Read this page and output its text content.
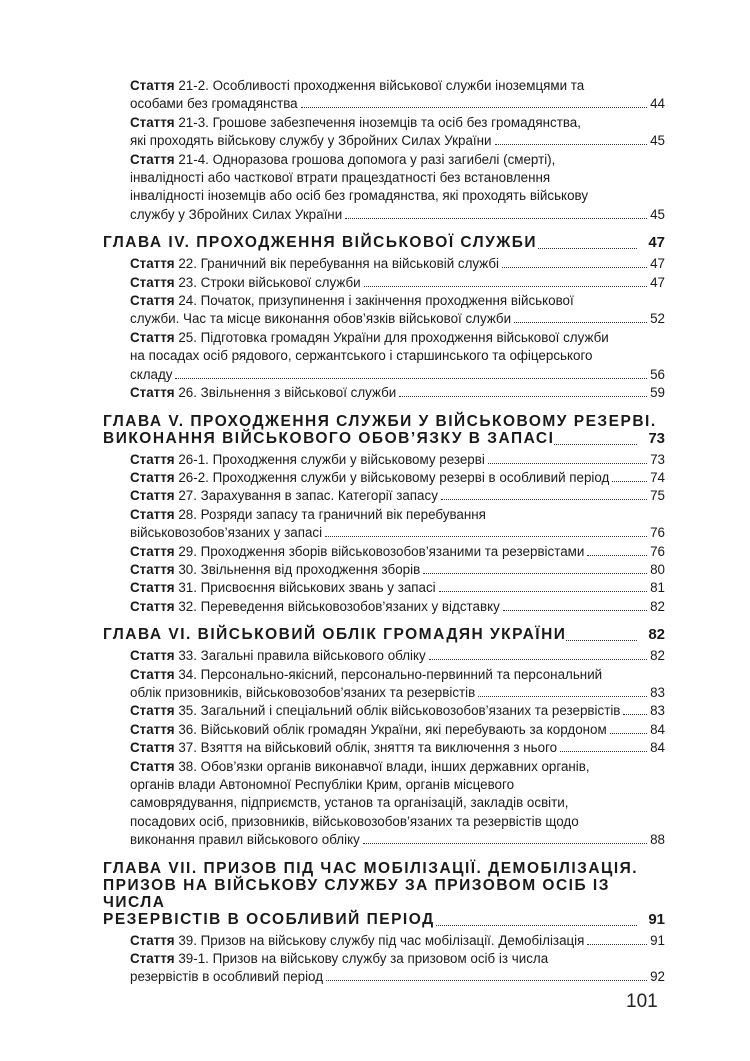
Стаття 21-2. Особливості проходження військової служби іноземцями та
особами без громадянства	44
Стаття 21-3. Грошове забезпечення іноземців та осіб без громадянства,
які проходять військову службу у Збройних Силах України	45
Стаття 21-4. Одноразова грошова допомога у разі загибелі (смерті),
інвалідності або часткової втрати працездатності без встановлення
інвалідності іноземців або осіб без громадянства, які проходять військову
службу у Збройних Силах України	45
ГЛАВА IV. ПРОХОДЖЕННЯ ВІЙСЬКОВОЇ СЛУЖБИ	47
Стаття 22. Граничний вік перебування на військовій службі	47
Стаття 23. Строки військової служби	47
Стаття 24. Початок, призупинення і закінчення проходження військової
служби. Час та місце виконання обов’язків військової служби	52
Стаття 25. Підготовка громадян України для проходження військової служби
на посадах осіб рядового, сержантського і старшинського та офіцерського
складу	56
Стаття 26. Звільнення з військової служби	59
ГЛАВА V. ПРОХОДЖЕННЯ СЛУЖБИ У ВІЙСЬКОВОМУ РЕЗЕРВІ.
ВИКОНАННЯ ВІЙСЬКОВОГО ОБОВ’ЯЗКУ В ЗАПАСІ	73
Стаття 26-1. Проходження служби у військовому резерві	73
Стаття 26-2. Проходження служби у військовому резерві в особливий період	74
Стаття 27. Зарахування в запас. Категорії запасу	75
Стаття 28. Розряди запасу та граничний вік перебування
військовозобов’язаних у запасі	76
Стаття 29. Проходження зборів військовозобов’язаними та резервістами	76
Стаття 30. Звільнення від проходження зборів	80
Стаття 31. Присвоєння військових звань у запасі	81
Стаття 32. Переведення військовозобов’язаних у відставку	82
ГЛАВА VI. ВІЙСЬКОВИЙ ОБЛІК ГРОМАДЯН УКРАЇНИ	82
Стаття 33. Загальні правила військового обліку	82
Стаття 34. Персонально-якісний, персонально-первинний та персональний
облік призовників, військовозобов’язаних та резервістів	83
Стаття 35. Загальний і спеціальний облік військовозобов’язаних та резервістів 83
Стаття 36. Військовий облік громадян України, які перебувають за кордоном	84
Стаття 37. Взяття на військовий облік, зняття та виключення з нього	84
Стаття 38. Обов’язки органів виконавчої влади, інших державних органів,
органів влади Автономної Республіки Крим, органів місцевого
самоврядування, підприємств, установ та організацій, закладів освіти,
посадових осіб, призовників, військовозобов’язаних та резервістів щодо
виконання правил військового обліку	88
ГЛАВА VII. ПРИЗОВ ПІД ЧАС МОБІЛІЗАЦІЇ. ДЕМОБІЛІЗАЦІЯ.
ПРИЗОВ НА ВІЙСЬКОВУ СЛУЖБУ ЗА ПРИЗОВОМ ОСІБ ІЗ ЧИСЛА
РЕЗЕРВІСТІВ В ОСОБЛИВИЙ ПЕРІОД	91
Стаття 39. Призов на військову службу під час мобілізації. Демобілізація	91
Стаття 39-1. Призов на військову службу за призовом осіб із числа
резервістів в особливий період	92
101
